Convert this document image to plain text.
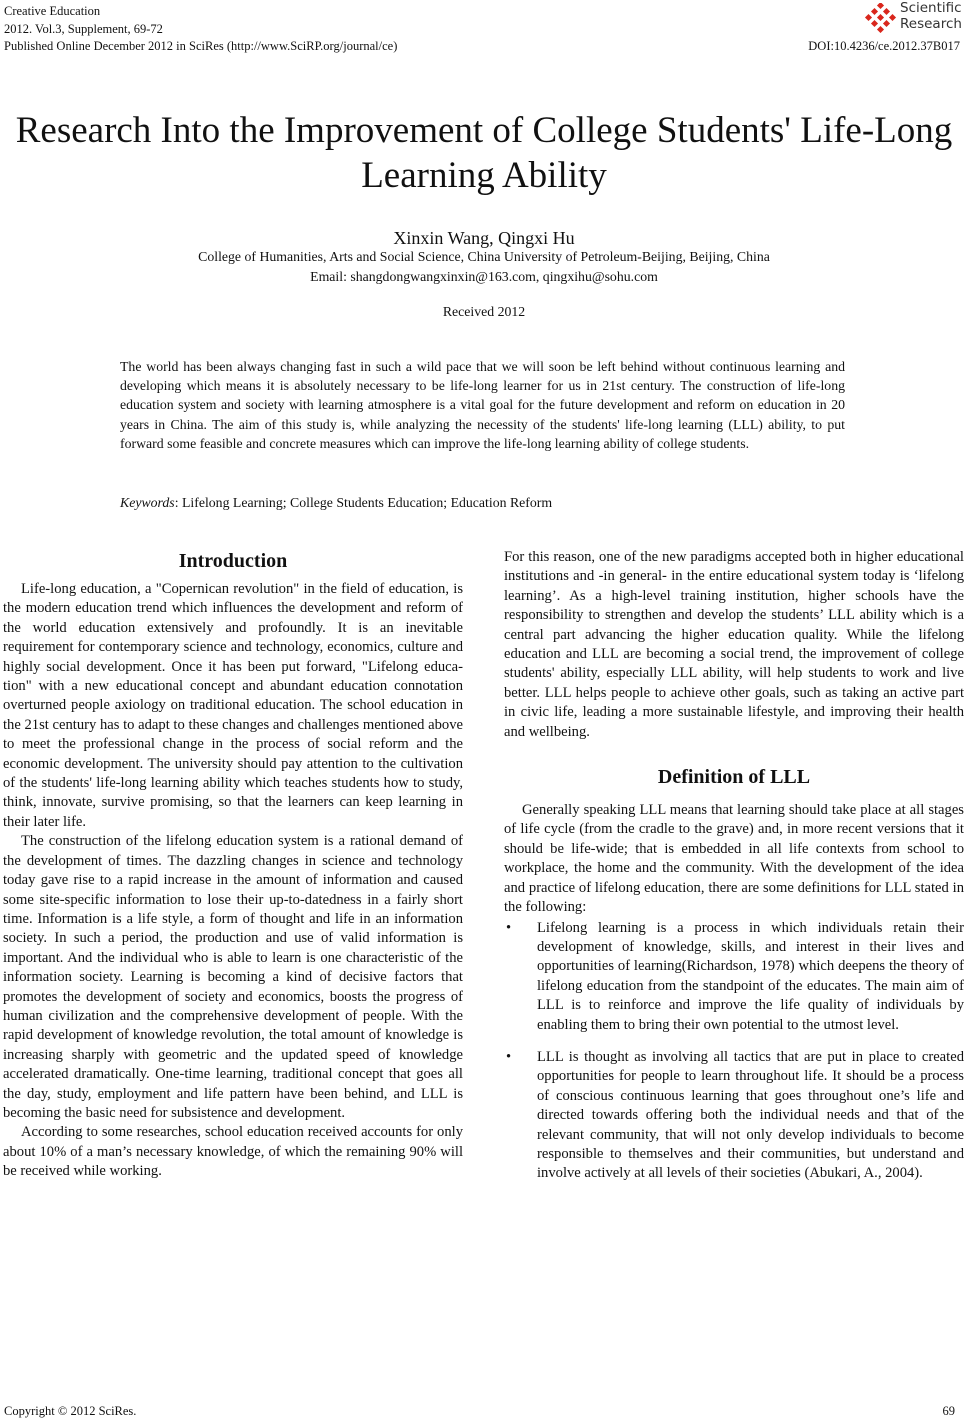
Creative Education
2012. Vol.3, Supplement, 69-72
Published Online December 2012 in SciRes (http://www.SciRP.org/journal/ce)
Scientific
Research
DOI:10.4236/ce.2012.37B017
Research Into the Improvement of College Students' Life-Long
Learning Ability
Xinxin Wang, Qingxi Hu
College of Humanities, Arts and Social Science, China University of Petroleum-Beijing, Beijing, China
Email: shangdongwangxinxin@163.com, qingxihu@sohu.com
Received 2012

The world has been always changing fast in such a wild pace that we will soon be left behind without continuous learning and developing which means it is absolutely necessary to be life-long learner for us in 21st century. The construction of life-long education system and society with learning atmosphere is a vital goal for the future development and reform on education in 20 years in China. The aim of this study is, while analyzing the necessity of the students' life-long learning (LLL) ability, to put forward some feasible and concrete measures which can improve the life-long learning ability of college students.

Keywords: Lifelong Learning; College Students Education; Education Reform
Introduction

Life-long education, a "Copernican revolution" in the field of education, is the modern education trend which influences the development and reform of the world education extensively and profoundly. It is an inevitable requirement for contemporary science and technology, economics, culture and highly social development. Once it has been put forward, "Lifelong education" with a new educational concept and abundant education connotation overturned people axiology on traditional education. The school education in the 21st century has to adapt to these changes and challenges mentioned above to meet the professional change in the process of social reform and the economic development. The university should pay attention to the cultivation of the students' life-long learning ability which teaches students how to study, think, innovate, survive promising, so that the learners can keep learning in their later life.

The construction of the lifelong education system is a rational demand of the development of times. The dazzling changes in science and technology today gave rise to a rapid increase in the amount of information and caused some site-specific information to lose their up-to-datedness in a fairly short time. Information is a life style, a form of thought and life in an information society. In such a period, the production and use of valid information is important. And the individual who is able to learn is one characteristic of the information society. Learning is becoming a kind of decisive factors that promotes the development of society and economics, boosts the progress of human civilization and the comprehensive development of people. With the rapid development of knowledge revolution, the total amount of knowledge is increasing sharply with geometric and the updated speed of knowledge accelerated dramatically. One-time learning, traditional concept that goes all the day, study, employment and life pattern have been behind, and LLL is becoming the basic need for subsistence and development.

According to some researches, school education received accounts for only about 10% of a man’s necessary knowledge, of which the remaining 90% will be received while working.

For this reason, one of the new paradigms accepted both in higher educational institutions and -in general- in the entire educational system today is ‘lifelong learning’. As a high-level training institution, higher schools have the responsibility to strengthen and develop the students’ LLL ability which is a central part advancing the higher education quality. While the lifelong education and LLL are becoming a social trend, the improvement of college students' ability, especially LLL ability, will help students to work and live better. LLL helps people to achieve other goals, such as taking an active part in civic life, leading a more sustainable lifestyle, and improving their health and wellbeing.

Definition of LLL

Generally speaking LLL means that learning should take place at all stages of life cycle (from the cradle to the grave) and, in more recent versions that it should be life-wide; that is embedded in all life contexts from school to workplace, the home and the community. With the development of the idea and practice of lifelong education, there are some definitions for LLL stated in the following:

• Lifelong learning is a process in which individuals retain their development of knowledge, skills, and interest in their lives and opportunities of learning(Richardson, 1978) which deepens the theory of lifelong education from the standpoint of the educates. The main aim of LLL is to reinforce and improve the life quality of individuals by enabling them to bring their own potential to the utmost level.
• LLL is thought as involving all tactics that are put in place to created opportunities for people to learn throughout life. It should be a process of conscious continuous learning that goes throughout one’s life and directed towards offering both the individual needs and that of the relevant community, that will not only develop individuals to become responsible to themselves and their communities, but understand and involve actively at all levels of their societies (Abukari, A., 2004).
Copyright © 2012 SciRes.	69
